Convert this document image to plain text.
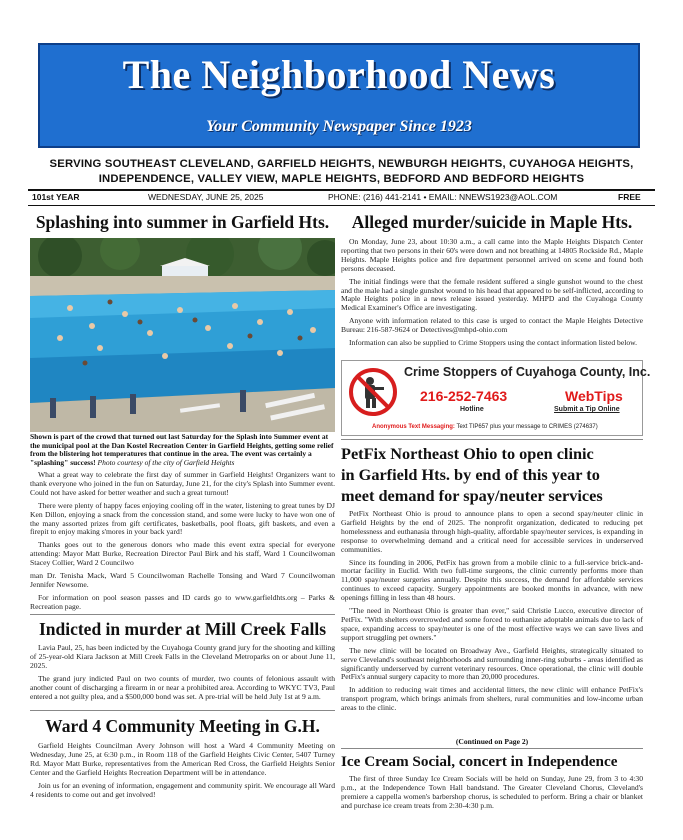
The Neighborhood News
Your Community Newspaper Since 1923
SERVING SOUTHEAST CLEVELAND, GARFIELD HEIGHTS, NEWBURGH HEIGHTS, CUYAHOGA HEIGHTS,
INDEPENDENCE, VALLEY VIEW, MAPLE HEIGHTS, BEDFORD AND BEDFORD HEIGHTS
101st YEAR	WEDNESDAY, JUNE 25, 2025	PHONE: (216) 441-2141 • EMAIL: NNEWS1923@AOL.COM	FREE
Splashing into summer in Garfield Hts.
Shown is part of the crowd that turned out last Saturday for the Splash into Summer event at the municipal pool at the Dan Kostel Recreation Center in Garfield Heights, getting some relief from the blistering hot temperatures that continue in the area. The event was certainly a "splashing" success! Photo courtesy of the city of Garfield Heights

What a great way to celebrate the first day of summer in Garfield Heights! Organizers want to thank everyone who joined in the fun on Saturday, June 21, for the city's Splash into Summer event. Could not have asked for better weather and such a great turnout!

There were plenty of happy faces enjoying cooling off in the water, listening to great tunes by DJ Ken Dillon, enjoying a snack from the concession stand, and some were lucky to have won one of the many assorted prizes from gift certificates, basketballs, pool floats, gift baskets, and even a firepit to enjoy making s'mores in your back yard!

Thanks goes out to the generous donors who made this event extra special for everyone attending: Mayor Matt Burke, Recreation Director Paul Birk and his staff, Ward 1 Councilwoman Stacey Collier, Ward 2 Councilwo

man Dr. Tenisha Mack, Ward 5 Councilwoman Rachelle Tonsing and Ward 7 Councilwoman Jennifer Newsome.

For information on pool season passes and ID cards go to www.garfieldhts.org – Parks & Recreation page.

Indicted in murder at Mill Creek Falls

Lavia Paul, 25, has been indicted by the Cuyahoga County grand jury for the shooting and killing of 25-year-old Kiara Jackson at Mill Creek Falls in the Cleveland Metroparks on or about June 11, 2025.

The grand jury indicted Paul on two counts of murder, two counts of felonious assault with another count of discharging a firearm in or near a prohibited area. According to WKYC TV3, Paul entered a not guilty plea, and a $500,000 bond was set. A pre-trial will be held July 1st at 9 a.m.

Ward 4 Community Meeting in G.H.

Garfield Heights Councilman Avery Johnson will host a Ward 4 Community Meeting on Wednesday, June 25, at 6:30 p.m., in Room 118 of the Garfield Heights Civic Center, 5407 Turney Rd. Mayor Matt Burke, representatives from the American Red Cross, the Garfield Heights Senior Center and the Garfield Heights Recreation Department will be in attendance.

Join us for an evening of information, engagement and community spirit. We encourage all Ward 4 residents to come out and get involved!

Alleged murder/suicide in Maple Hts.

On Monday, June 23, about 10:30 a.m., a call came into the Maple Heights Dispatch Center reporting that two persons in their 60's were down and not breathing at 14805 Rockside Rd., Maple Heights. Maple Heights police and fire department personnel arrived on scene and found both persons deceased.

The initial findings were that the female resident suffered a single gunshot wound to the chest and the male had a single gunshot wound to his head that appeared to be self-inflicted, according to Maple Heights police in a news release issued yesterday. MHPD and the Cuyahoga County Medical Examiner's Office are investigating.

Anyone with information related to this case is urged to contact the Maple Heights Detective Bureau: 216-587-9624 or Detectives@mhpd-ohio.com

Information can also be supplied to Crime Stoppers using the contact information listed below.

Crime Stoppers of Cuyahoga County, Inc.
216-252-7463
Hotline
WebTips
Submit a Tip Online
Anonymous Text Messaging: Text TIP657 plus your message to CRIMES (274637)
PetFix Northeast Ohio to open clinic
in Garfield Hts. by end of this year to
meet demand for spay/neuter services

PetFix Northeast Ohio is proud to announce plans to open a second spay/neuter clinic in Garfield Heights by the end of 2025. The nonprofit organization, dedicated to reducing pet homelessness and euthanasia through high-quality, affordable spay/neuter services, is expanding in response to overwhelming demand and a critical need for accessible services in underserved communities.

Since its founding in 2006, PetFix has grown from a mobile clinic to a full-service brick-and-mortar facility in Euclid. With two full-time surgeons, the clinic currently performs more than 11,000 spay/neuter surgeries annually. Despite this success, the demand for affordable services continues to exceed capacity. Surgery appointments are booked months in advance, with new openings filling in less than 48 hours.

"The need in Northeast Ohio is greater than ever," said Christie Lucco, executive director of PetFix. "With shelters overcrowded and some forced to euthanize adoptable animals due to lack of space, expanding access to spay/neuter is one of the most effective ways we can save lives and support struggling pet owners."

The new clinic will be located on Broadway Ave., Garfield Heights, strategically situated to serve Cleveland's southeast neighborhoods and surrounding inner-ring suburbs - areas identified as significantly underserved by current veterinary resources. Once operational, the clinic will double PetFix's annual surgery capacity to more than 20,000 procedures.

In addition to reducing wait times and accidental litters, the new clinic will enhance PetFix's transport program, which brings animals from shelters, rural communities and low-income urban areas to the clinic.

(Continued on Page 2)
Ice Cream Social, concert in Independence

The first of three Sunday Ice Cream Socials will be held on Sunday, June 29, from 3 to 4:30 p.m., at the Independence Town Hall bandstand. The Greater Cleveland Chorus, Cleveland's premiere a cappella women's barbershop chorus, is scheduled to perform. Bring a chair or blanket and purchase ice cream treats from 2:30-4:30 p.m.
